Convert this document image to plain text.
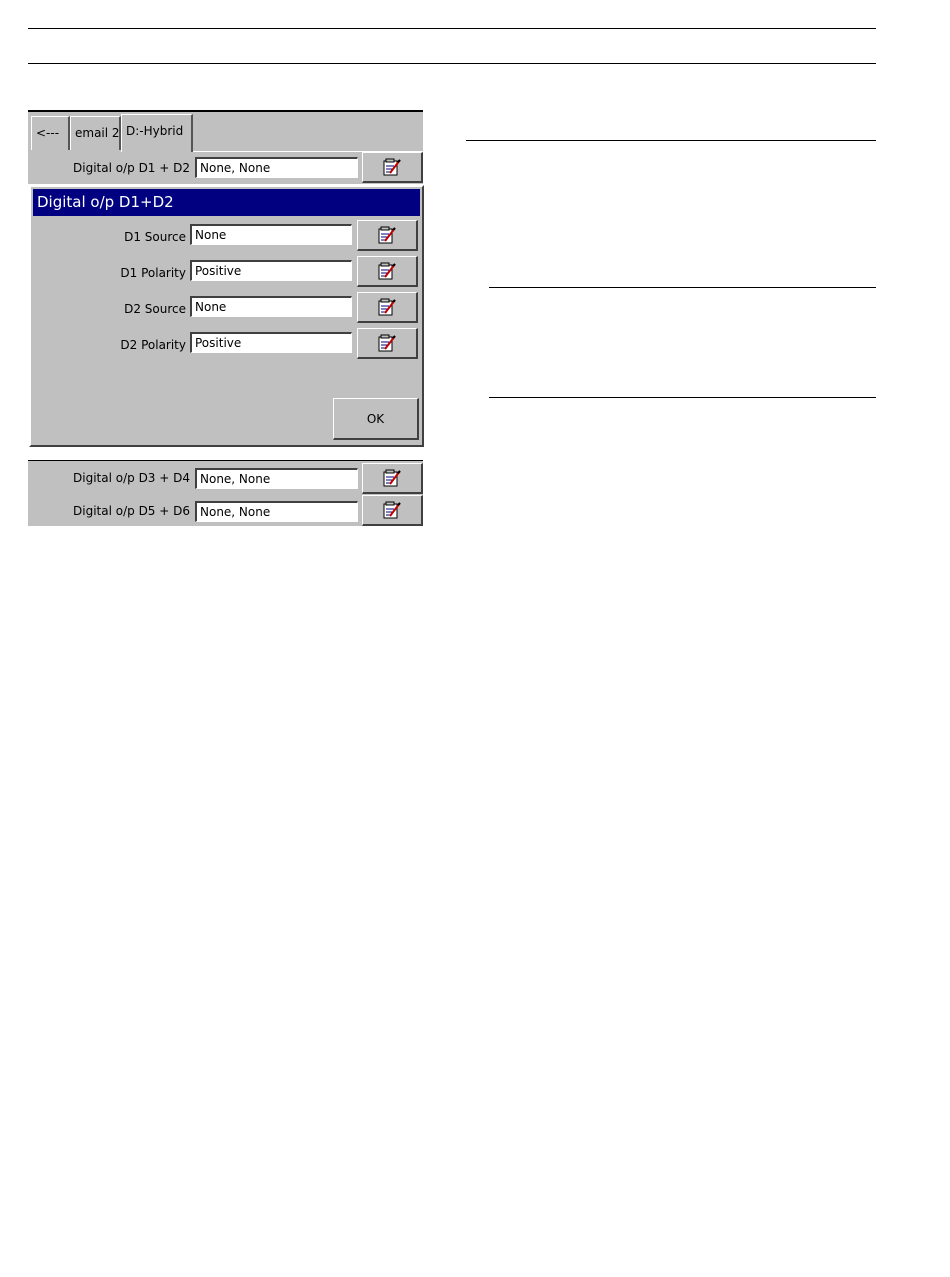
<---	email 2 D:-Hybrid
Digital o/p D1 + D2 None, None
Digital o/p D1+D2
D1 Source None
D1 Polarity Positive
D2 Source None
D2 Polarity Positive
OK
Digital o/p D3 + D4 None, None
Digital o/p D5 + D6 None, None
